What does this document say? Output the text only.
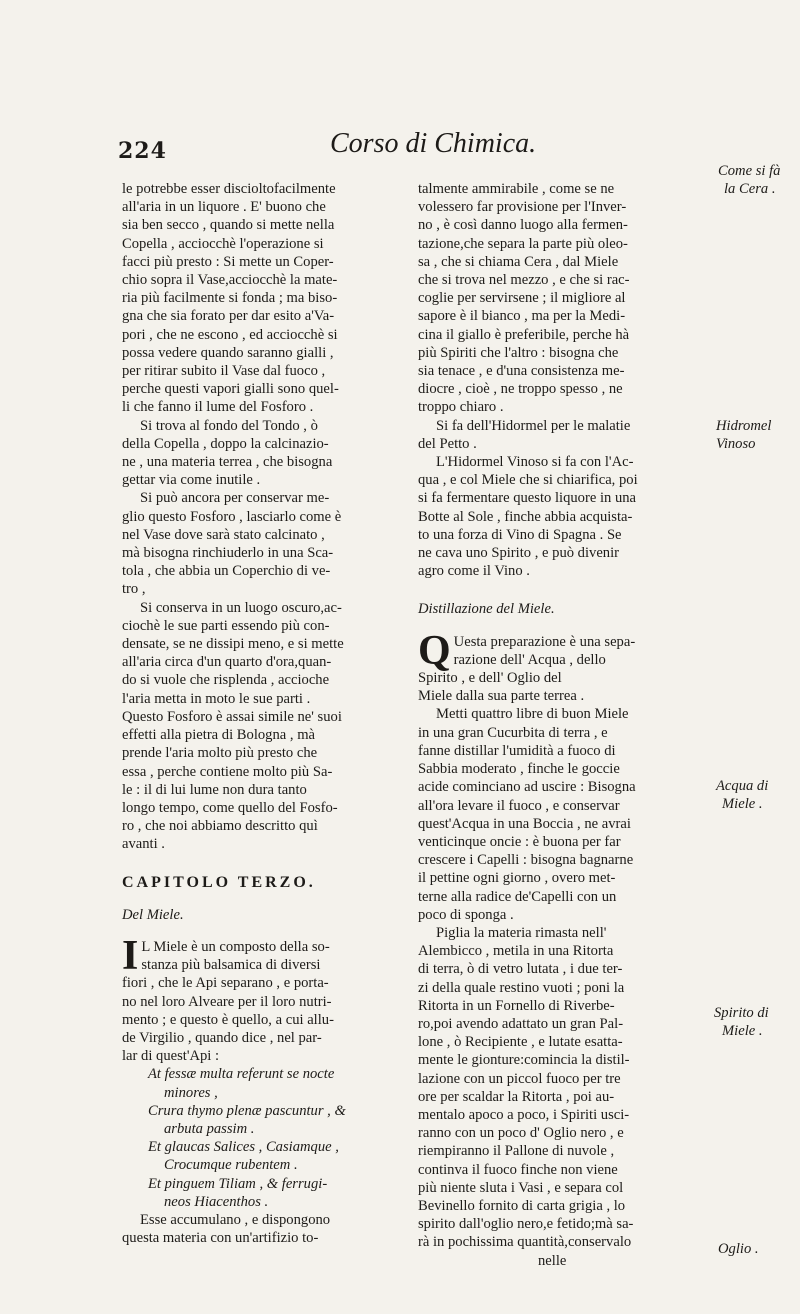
224	Corso di Chimica.

le potrebbe esser discioltofacilmente

all'aria in un liquore . E' buono che

sia ben secco , quando si mette nella

Copella , acciocchè l'operazione si

facci più presto : Si mette un Coper-

chio sopra il Vase,acciocchè la mate-

ria più facilmente si fonda ; ma biso-

gna che sia forato per dar esito a'Va-

pori , che ne escono , ed acciocchè si

possa vedere quando saranno gialli ,

per ritirar subito il Vase dal fuoco ,

perche questi vapori gialli sono quel-

li che fanno il lume del Fosforo .

Si trova al fondo del Tondo , ò

della Copella , doppo la calcinazio-

ne , una materia terrea , che bisogna

gettar via come inutile .

Si può ancora per conservar me-

glio questo Fosforo , lasciarlo come è

nel Vase dove sarà stato calcinato ,

mà bisogna rinchiuderlo in una Sca-

tola , che abbia un Coperchio di ve-

tro ,

Si conserva in un luogo oscuro,ac-

ciochè le sue parti essendo più con-

densate, se ne dissipi meno, e si mette

all'aria circa d'un quarto d'ora,quan-

do si vuole che risplenda , accioche

l'aria metta in moto le sue parti .

Questo Fosforo è assai simile ne' suoi

effetti alla pietra di Bologna , mà

prende l'aria molto più presto che

essa , perche contiene molto più Sa-

le : il di lui lume non dura tanto

longo tempo, come quello del Fosfo-

ro , che noi abbiamo descritto quì

avanti .

CAPITOLO TERZO.

Del Miele.

I L Miele è un composto della so-

stanza più balsamica di diversi

fiori , che le Api separano , e porta-

no nel loro Alveare per il loro nutri-

mento ; e questo è quello, a cui allu-

de Virgilio , quando dice , nel par-

lar di quest'Api :

At fessæ multa referunt se nocte

minores ,

Crura thymo plenæ pascuntur , &

arbuta passim .

Et glaucas Salices , Casiamque ,

Crocumque rubentem .

Et pinguem Tiliam , & ferrugi-

neos Hiacenthos .

Esse accumulano , e dispongono

questa materia con un'artifizio to-

talmente ammirabile , come se ne

volessero far provisione per l'Inver-

no , è così danno luogo alla fermen-

tazione,che separa la parte più oleo-

sa , che si chiama Cera , dal Miele

che si trova nel mezzo , e che si rac-

coglie per servirsene ; il migliore al

sapore è il bianco , ma per la Medi-

cina il giallo è preferibile, perche hà

più Spiriti che l'altro : bisogna che

sia tenace , e d'una consistenza me-

diocre , cioè , ne troppo spesso , ne

troppo chiaro .

Si fa dell'Hidormel per le malatie

del Petto .

L'Hidormel Vinoso si fa con l'Ac-

qua , e col Miele che si chiarifica, poi

si fa fermentare questo liquore in una

Botte al Sole , finche abbia acquista-

to una forza di Vino di Spagna . Se

ne cava uno Spirito , e può divenir

agro come il Vino .

Distillazione del Miele.

Q Uesta preparazione è una sepa-

razione dell' Acqua , dello

Spirito , e dell' Oglio del

Miele dalla sua parte terrea .

Metti quattro libre di buon Miele

in una gran Cucurbita di terra , e

fanne distillar l'umidità a fuoco di

Sabbia moderato , finche le goccie

acide cominciano ad uscire : Bisogna

all'ora levare il fuoco , e conservar

quest'Acqua in una Boccia , ne avrai

venticinque oncie : è buona per far

crescere i Capelli : bisogna bagnarne

il pettine ogni giorno , overo met-

terne alla radice de'Capelli con un

poco di sponga .

Piglia la materia rimasta nell'

Alembicco , metila in una Ritorta

di terra, ò di vetro lutata , i due ter-

zi della quale restino vuoti ; poni la

Ritorta in un Fornello di Riverbe-

ro,poi avendo adattato un gran Pal-

lone , ò Recipiente , e lutate esatta-

mente le gionture:comincia la distil-

lazione con un piccol fuoco per tre

ore per scaldar la Ritorta , poi au-

mentalo apoco a poco, i Spiriti usci-

ranno con un poco d' Oglio nero , e

riempiranno il Pallone di nuvole ,

continva il fuoco finche non viene

più niente sluta i Vasi , e separa col

Bevinello fornito di carta grigia , lo

spirito dall'oglio nero,e fetido;mà sa-

rà in pochissima quantità,conservalo

nelle

Come si fà
la Cera .
Hidromel
Vinoso
Acqua di
Miele .
Spirito di
Miele .
Oglio .
